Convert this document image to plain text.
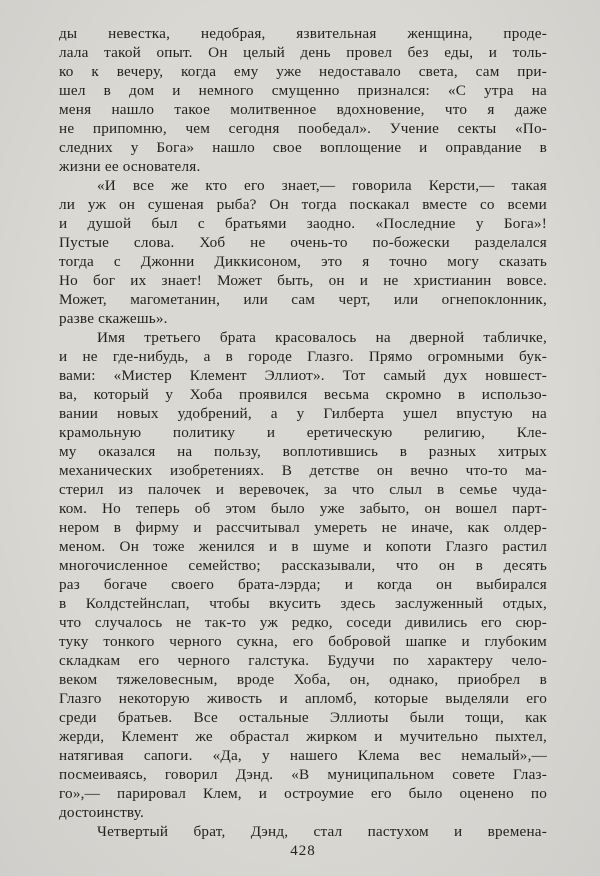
ды невестка, недобрая, язвительная женщина, проде-
лала такой опыт. Он целый день провел без еды, и толь-
ко к вечеру, когда ему уже недоставало света, сам при-
шел в дом и немного смущенно признался: «С утра на
меня нашло такое молитвенное вдохновение, что я даже
не припомню, чем сегодня пообедал». Учение секты «По-
следних у Бога» нашло свое воплощение и оправдание в
жизни ее основателя.
«И все же кто его знает,— говорила Керсти,— такая
ли уж он сушеная рыба? Он тогда поскакал вместе со всеми
и душой был с братьями заодно. «Последние у Бога»!
Пустые слова. Хоб не очень-то по-божески разделался
тогда с Джонни Диккисоном, это я точно могу сказать
Но бог их знает! Может быть, он и не христианин вовсе.
Может, магометанин, или сам черт, или огнепоклонник,
разве скажешь».
Имя третьего брата красовалось на дверной табличке,
и не где-нибудь, а в городе Глазго. Прямо огромными бук-
вами: «Мистер Клемент Эллиот». Тот самый дух новшест-
ва, который у Хоба проявился весьма скромно в использо-
вании новых удобрений, а у Гилберта ушел впустую на
крамольную политику и еретическую религию, Кле-
му оказался на пользу, воплотившись в разных хитрых
механических изобретениях. В детстве он вечно что-то ма-
стерил из палочек и веревочек, за что слыл в семье чуда-
ком. Но теперь об этом было уже забыто, он вошел парт-
нером в фирму и рассчитывал умереть не иначе, как олдер-
меном. Он тоже женился и в шуме и копоти Глазго растил
многочисленное семейство; рассказывали, что он в десять
раз богаче своего брата-лэрда; и когда он выбирался
в Колдстейнслап, чтобы вкусить здесь заслуженный отдых,
что случалось не так-то уж редко, соседи дивились его сюр-
туку тонкого черного сукна, его бобровой шапке и глубоким
складкам его черного галстука. Будучи по характеру чело-
веком тяжеловесным, вроде Хоба, он, однако, приобрел в
Глазго некоторую живость и апломб, которые выделяли его
среди братьев. Все остальные Эллиоты были тощи, как
жерди, Клемент же обрастал жирком и мучительно пыхтел,
натягивая сапоги. «Да, у нашего Клема вес немалый»,—
посмеиваясь, говорил Дэнд. «В муниципальном совете Глаз-
го»,— парировал Клем, и остроумие его было оценено по
достоинству.
Четвертый брат, Дэнд, стал пастухом и времена-
428
